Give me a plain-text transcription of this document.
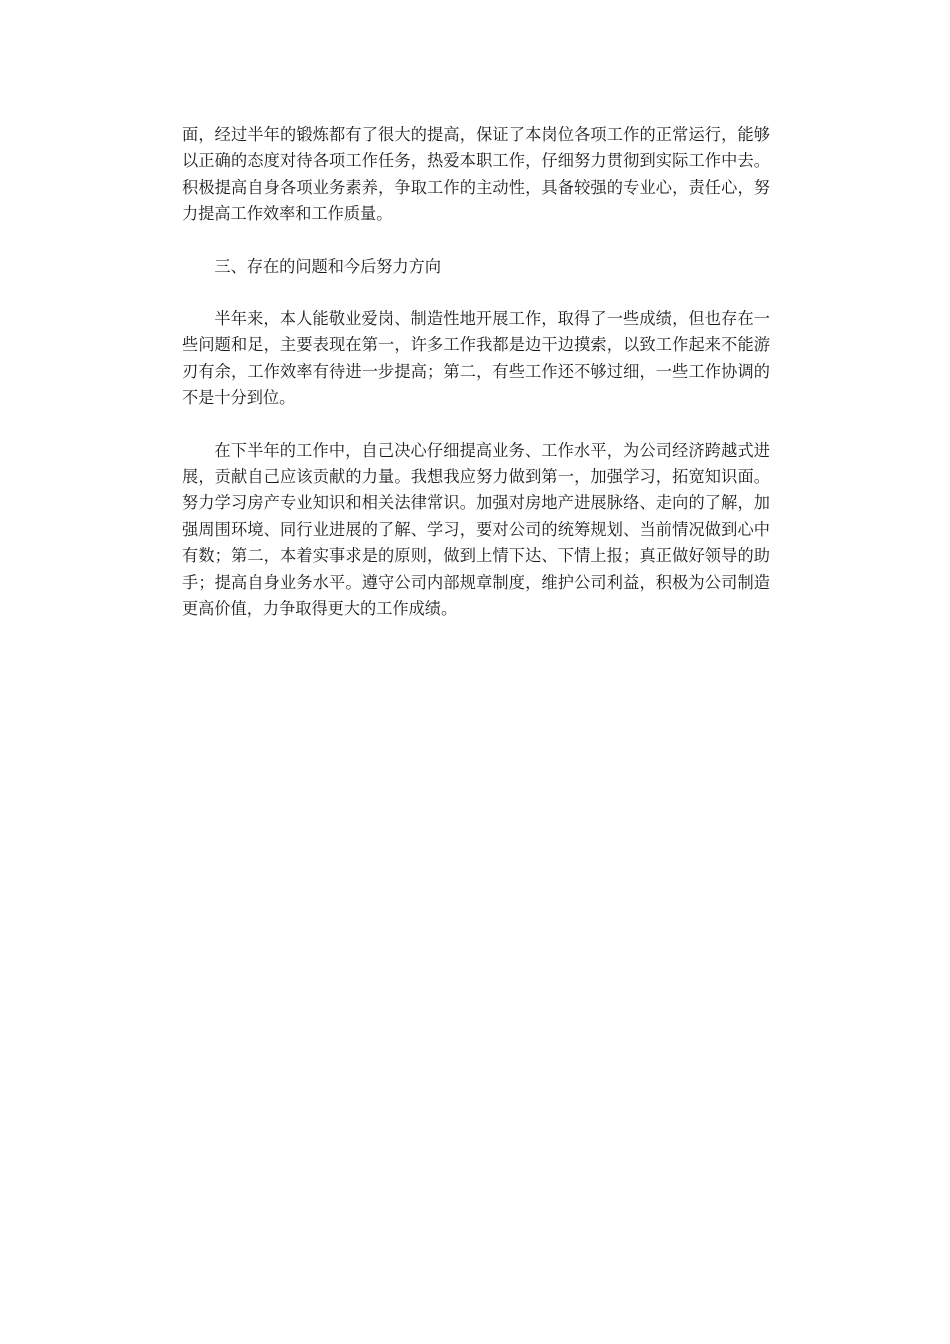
面，经过半年的锻炼都有了很大的提高，保证了本岗位各项工作的正常运行，能够以正确的态度对待各项工作任务，热爱本职工作，仔细努力贯彻到实际工作中去。积极提高自身各项业务素养，争取工作的主动性，具备较强的专业心，责任心，努力提高工作效率和工作质量。

三、存在的问题和今后努力方向

半年来，本人能敬业爱岗、制造性地开展工作，取得了一些成绩，但也存在一些问题和足，主要表现在第一，许多工作我都是边干边摸索，以致工作起来不能游刃有余，工作效率有待进一步提高；第二，有些工作还不够过细，一些工作协调的不是十分到位。

在下半年的工作中，自己决心仔细提高业务、工作水平，为公司经济跨越式进展，贡献自己应该贡献的力量。我想我应努力做到第一，加强学习，拓宽知识面。努力学习房产专业知识和相关法律常识。加强对房地产进展脉络、走向的了解，加强周围环境、同行业进展的了解、学习，要对公司的统筹规划、当前情况做到心中有数；第二，本着实事求是的原则，做到上情下达、下情上报；真正做好领导的助手；提高自身业务水平。遵守公司内部规章制度，维护公司利益，积极为公司制造更高价值，力争取得更大的工作成绩。
